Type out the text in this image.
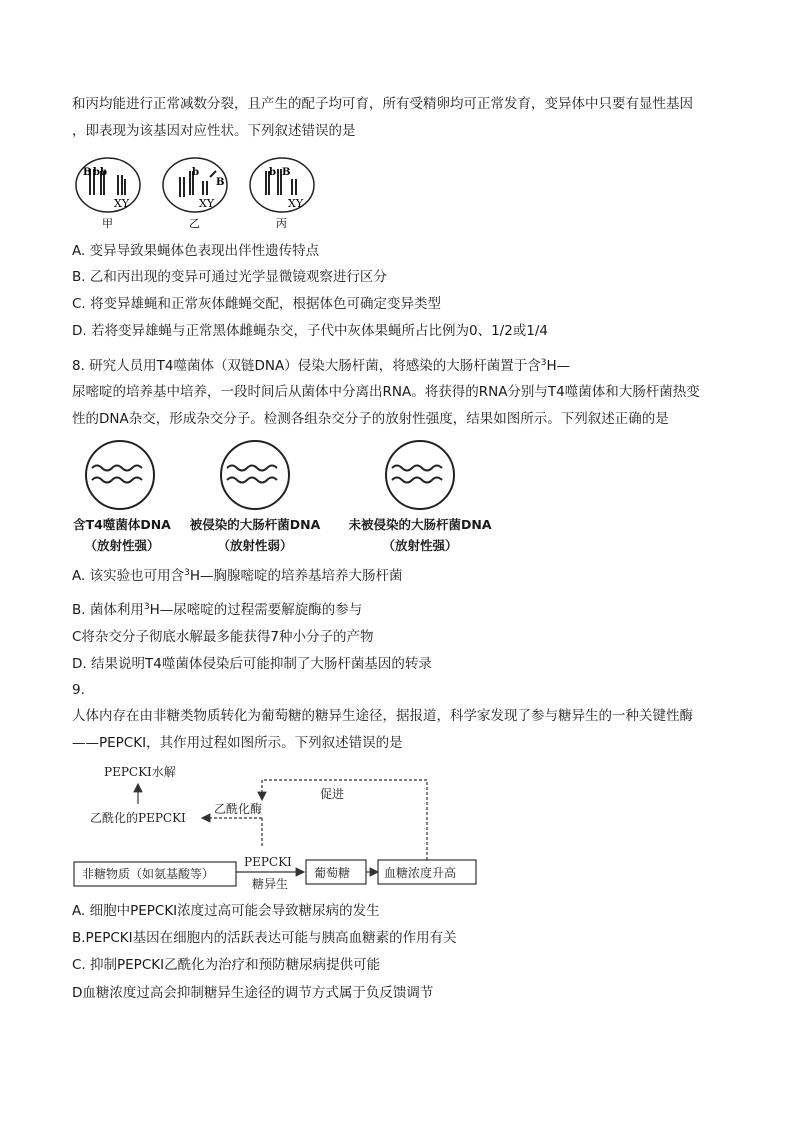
和丙均能进行正常减数分裂，且产生的配子均可育，所有受精卵均可正常发育，变异体中只要有显性基因
，即表现为该基因对应性状。下列叙述错误的是
B b b
XY
甲
b
B
XY
乙
b B
XY
丙
A. 变异导致果蝇体色表现出伴性遗传特点
B. 乙和丙出现的变异可通过光学显微镜观察进行区分
C. 将变异雄蝇和正常灰体雌蝇交配，根据体色可确定变异类型
D. 若将变异雄蝇与正常黑体雌蝇杂交，子代中灰体果蝇所占比例为0、1/2或1/4
8. 研究人员用T4噬菌体（双链DNA）侵染大肠杆菌，将感染的大肠杆菌置于含$^3$H—
尿嘧啶的培养基中培养，一段时间后从菌体中分离出RNA。将获得的RNA分别与T4噬菌体和大肠杆菌热变
性的DNA杂交，形成杂交分子。检测各组杂交分子的放射性强度，结果如图所示。下列叙述正确的是
含T4噬菌体DNA
（放射性强）
被侵染的大肠杆菌DNA
（放射性弱）
未被侵染的大肠杆菌DNA
（放射性强）
A. 该实验也可用含$^3$H—胸腺嘧啶的培养基培养大肠杆菌
B. 菌体利用$^3$H—尿嘧啶的过程需要解旋酶的参与
C将杂交分子彻底水解最多能获得7种小分子的产物
D. 结果说明T4噬菌体侵染后可能抑制了大肠杆菌基因的转录
9.
人体内存在由非糖类物质转化为葡萄糖的糖异生途径，据报道，科学家发现了参与糖异生的一种关键性酶
——PEPCKI，其作用过程如图所示。下列叙述错误的是
PEPCKI水解
乙酰化的PEPCKI
乙酰化酶
促进
非糖物质（如氨基酸等）
PEPCKI
糖异生
葡萄糖	血糖浓度升高
A. 细胞中PEPCKI浓度过高可能会导致糖尿病的发生
B.PEPCKI基因在细胞内的活跃表达可能与胰高血糖素的作用有关
C. 抑制PEPCKI乙酰化为治疗和预防糖尿病提供可能
D血糖浓度过高会抑制糖异生途径的调节方式属于负反馈调节
